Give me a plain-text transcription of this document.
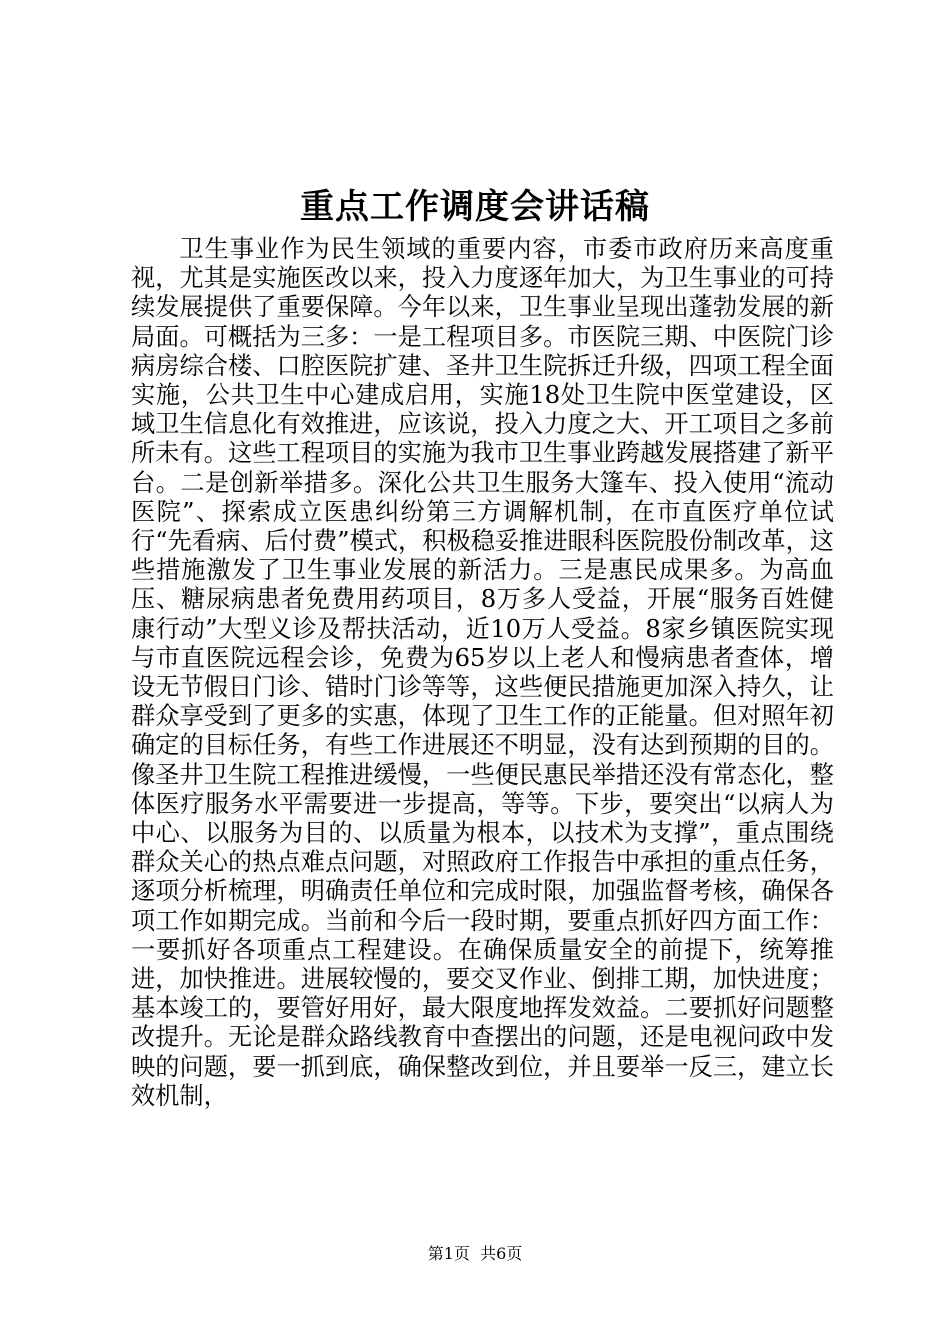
重点工作调度会讲话稿

卫生事业作为民生领域的重要内容，市委市政府历来高度重视，尤其是实施医改以来，投入力度逐年加大，为卫生事业的可持续发展提供了重要保障。今年以来，卫生事业呈现出蓬勃发展的新局面。可概括为三多：一是工程项目多。市医院三期、中医院门诊病房综合楼、口腔医院扩建、圣井卫生院拆迁升级，四项工程全面实施，公共卫生中心建成启用，实施18处卫生院中医堂建设，区域卫生信息化有效推进，应该说，投入力度之大、开工项目之多前所未有。这些工程项目的实施为我市卫生事业跨越发展搭建了新平台。二是创新举措多。深化公共卫生服务大篷车、投入使用“流动医院”、探索成立医患纠纷第三方调解机制，在市直医疗单位试行“先看病、后付费”模式，积极稳妥推进眼科医院股份制改革，这些措施激发了卫生事业发展的新活力。三是惠民成果多。为高血压、糖尿病患者免费用药项目，8万多人受益，开展“服务百姓健康行动”大型义诊及帮扶活动，近10万人受益。8家乡镇医院实现与市直医院远程会诊，免费为65岁以上老人和慢病患者查体，增设无节假日门诊、错时门诊等等，这些便民措施更加深入持久，让群众享受到了更多的实惠，体现了卫生工作的正能量。但对照年初确定的目标任务，有些工作进展还不明显，没有达到预期的目的。像圣井卫生院工程推进缓慢，一些便民惠民举措还没有常态化，整体医疗服务水平需要进一步提高，等等。下步，要突出“以病人为中心、以服务为目的、以质量为根本，以技术为支撑”，重点围绕群众关心的热点难点问题，对照政府工作报告中承担的重点任务，逐项分析梳理，明确责任单位和完成时限，加强监督考核，确保各项工作如期完成。当前和今后一段时期，要重点抓好四方面工作：一要抓好各项重点工程建设。在确保质量安全的前提下，统筹推进，加快推进。进展较慢的，要交叉作业、倒排工期，加快进度；基本竣工的，要管好用好，最大限度地挥发效益。二要抓好问题整改提升。无论是群众路线教育中查摆出的问题，还是电视问政中发映的问题，要一抓到底，确保整改到位，并且要举一反三，建立长效机制，

第1页 共6页
